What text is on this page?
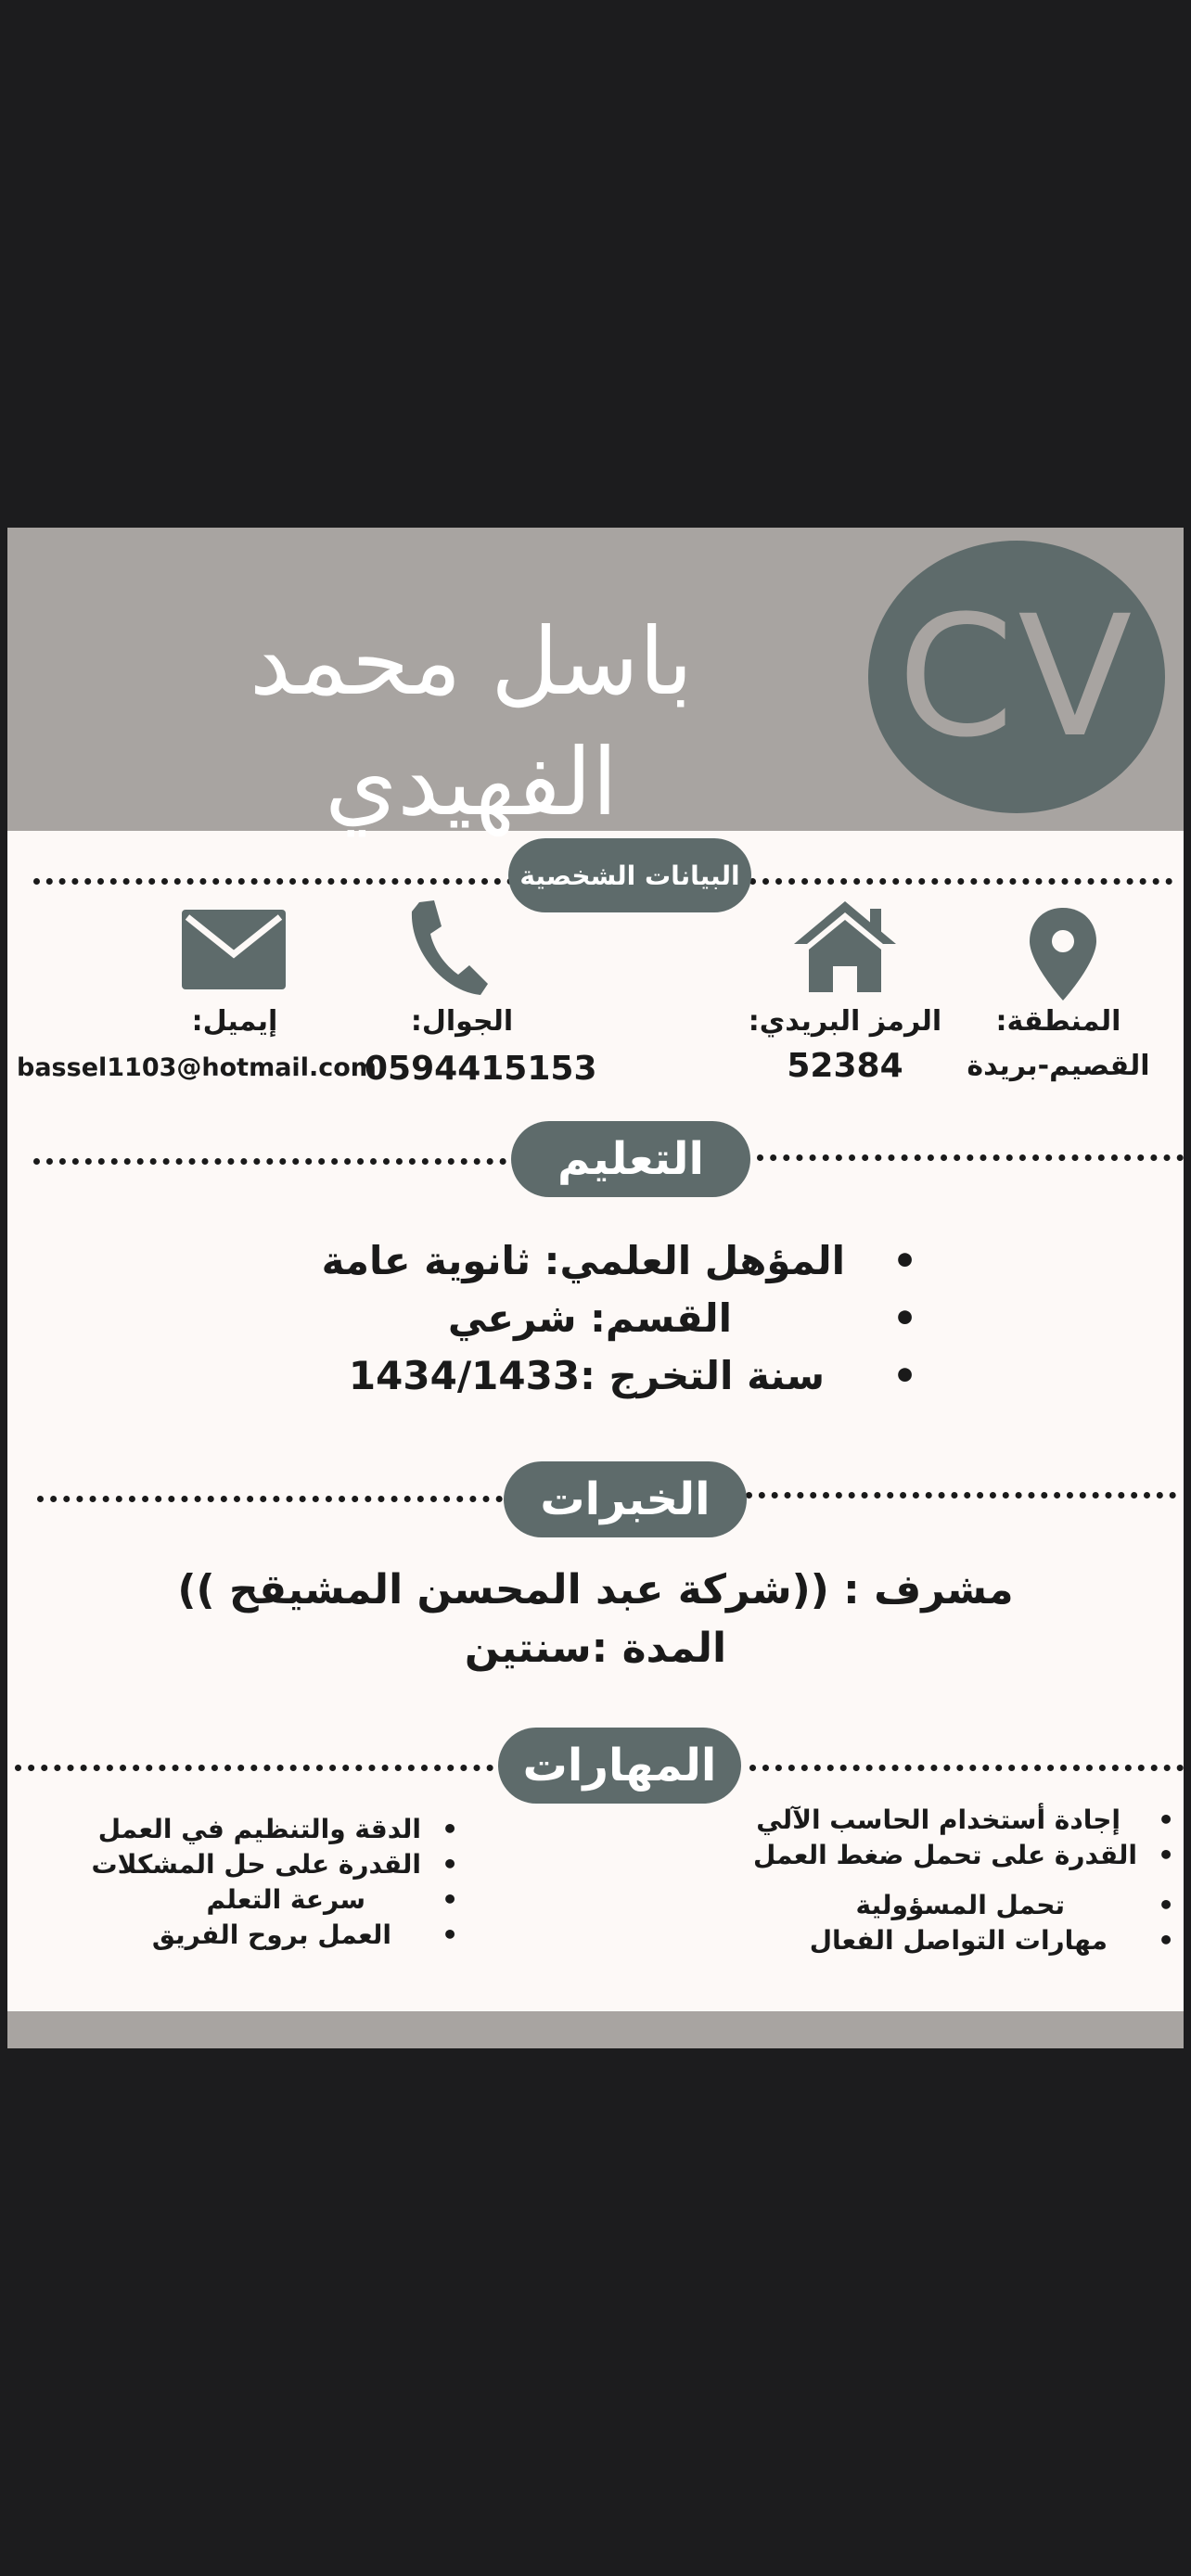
باسل محمد الفهيدي
CV
البيانات الشخصية
المنطقة:
القصيم-بريدة
الرمز البريدي:
52384
الجوال:
0594415153
إيميل:
bassel1103@hotmail.com
التعليم
• المؤهل العلمي: ثانوية عامة
• القسم: شرعي
• سنة التخرج :1434/1433
الخبرات
مشرف : ((شركة عبد المحسن المشيقح ))
المدة :سنتين
المهارات
• إجادة أستخدام الحاسب الآلي
• القدرة على تحمل ضغط العمل
• تحمل المسؤولية
• مهارات التواصل الفعال
• الدقة والتنظيم في العمل
• القدرة على حل المشكلات
• سرعة التعلم
• العمل بروح الفريق
